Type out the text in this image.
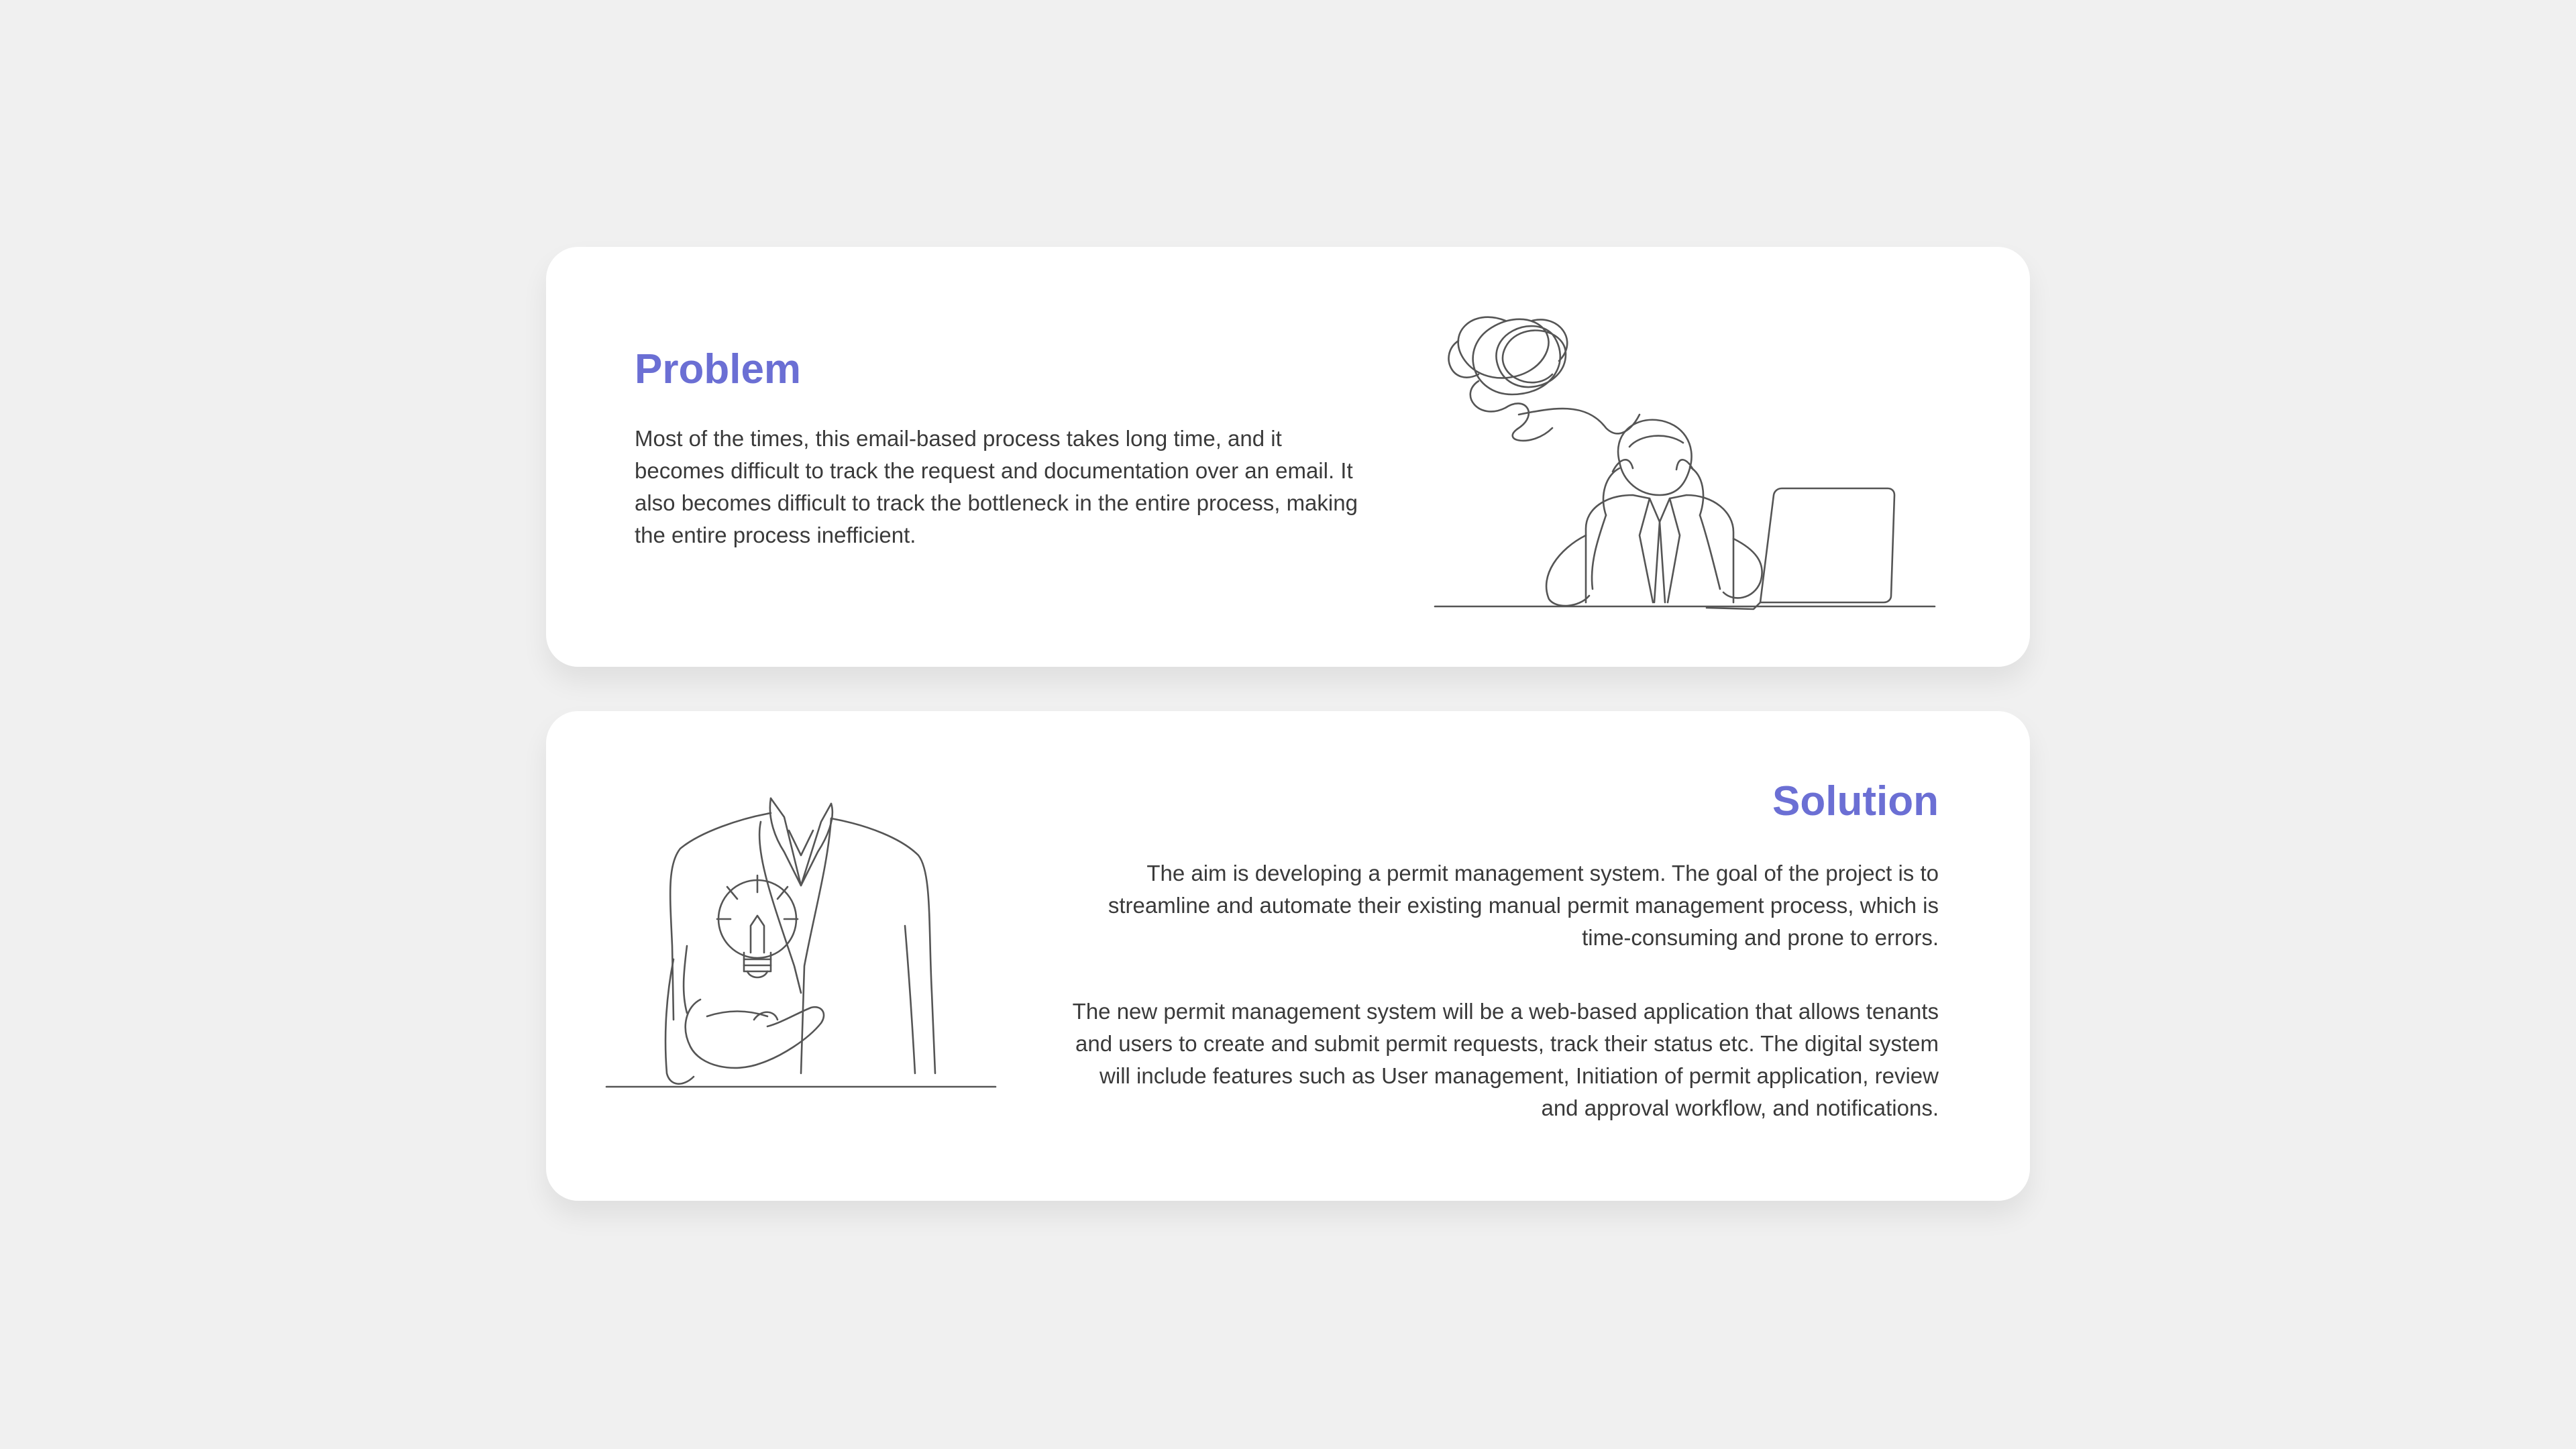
Problem

Most of the times, this email-based process takes long time, and it becomes difficult to track the request and documentation over an email. It also becomes difficult to track the bottleneck in the entire process, making the entire process inefficient.

Solution

The aim is developing a permit management system. The goal of the project is to streamline and automate their existing manual permit management process, which is time-consuming and prone to errors.

The new permit management system will be a web-based application that allows tenants and users to create and submit permit requests, track their status etc. The digital system will include features such as User management, Initiation of permit application, review and approval workflow, and notifications.
